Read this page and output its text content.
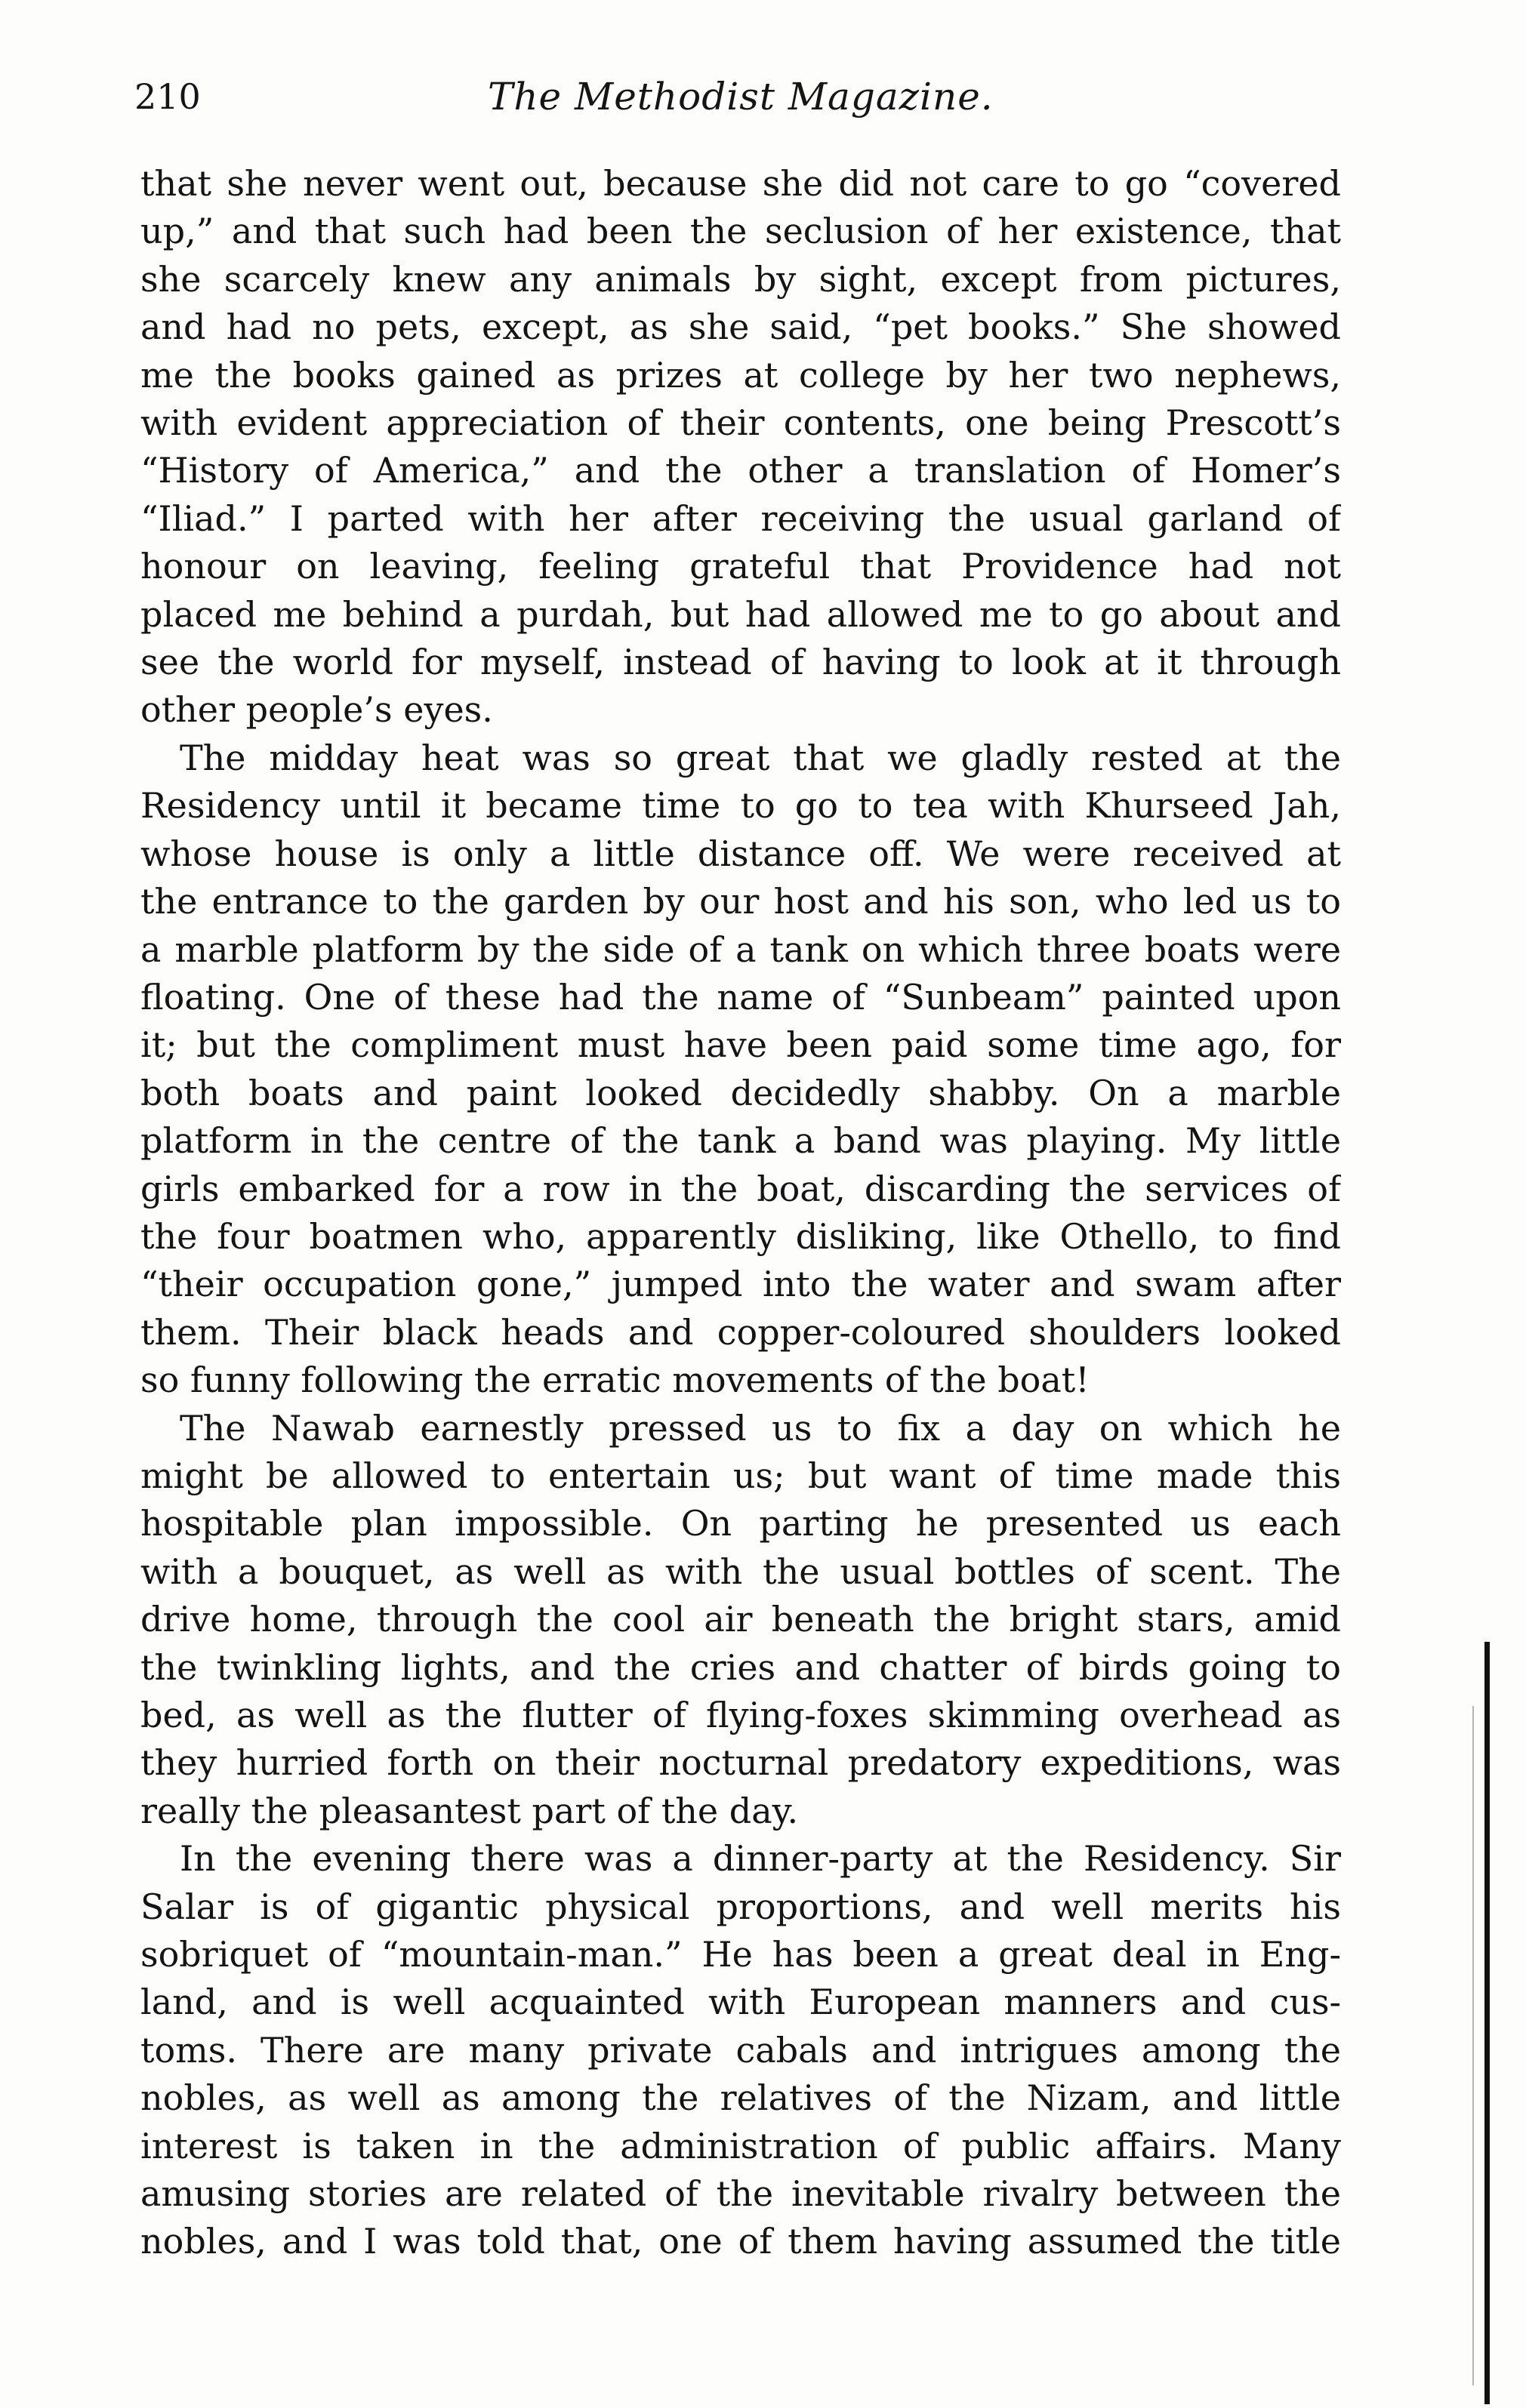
210	The Methodist Magazine.
that she never went out, because she did not care to go “covered
up,” and that such had been the seclusion of her existence, that
she scarcely knew any animals by sight, except from pictures,
and had no pets, except, as she said, “pet books.” She showed
me the books gained as prizes at college by her two nephews,
with evident appreciation of their contents, one being Prescott’s
“History of America,” and the other a translation of Homer’s
“Iliad.” I parted with her after receiving the usual garland of
honour on leaving, feeling grateful that Providence had not
placed me behind a purdah, but had allowed me to go about and
see the world for myself, instead of having to look at it through
other people’s eyes.
The midday heat was so great that we gladly rested at the
Residency until it became time to go to tea with Khurseed Jah,
whose house is only a little distance off. We were received at
the entrance to the garden by our host and his son, who led us to
a marble platform by the side of a tank on which three boats were
floating. One of these had the name of “Sunbeam” painted upon
it; but the compliment must have been paid some time ago, for
both boats and paint looked decidedly shabby. On a marble
platform in the centre of the tank a band was playing. My little
girls embarked for a row in the boat, discarding the services of
the four boatmen who, apparently disliking, like Othello, to find
“their occupation gone,” jumped into the water and swam after
them. Their black heads and copper-coloured shoulders looked
so funny following the erratic movements of the boat!
The Nawab earnestly pressed us to fix a day on which he
might be allowed to entertain us; but want of time made this
hospitable plan impossible. On parting he presented us each
with a bouquet, as well as with the usual bottles of scent. The
drive home, through the cool air beneath the bright stars, amid
the twinkling lights, and the cries and chatter of birds going to
bed, as well as the flutter of flying-foxes skimming overhead as
they hurried forth on their nocturnal predatory expeditions, was
really the pleasantest part of the day.
In the evening there was a dinner-party at the Residency. Sir
Salar is of gigantic physical proportions, and well merits his
sobriquet of “mountain-man.” He has been a great deal in Eng-
land, and is well acquainted with European manners and cus-
toms. There are many private cabals and intrigues among the
nobles, as well as among the relatives of the Nizam, and little
interest is taken in the administration of public affairs. Many
amusing stories are related of the inevitable rivalry between the
nobles, and I was told that, one of them having assumed the title
